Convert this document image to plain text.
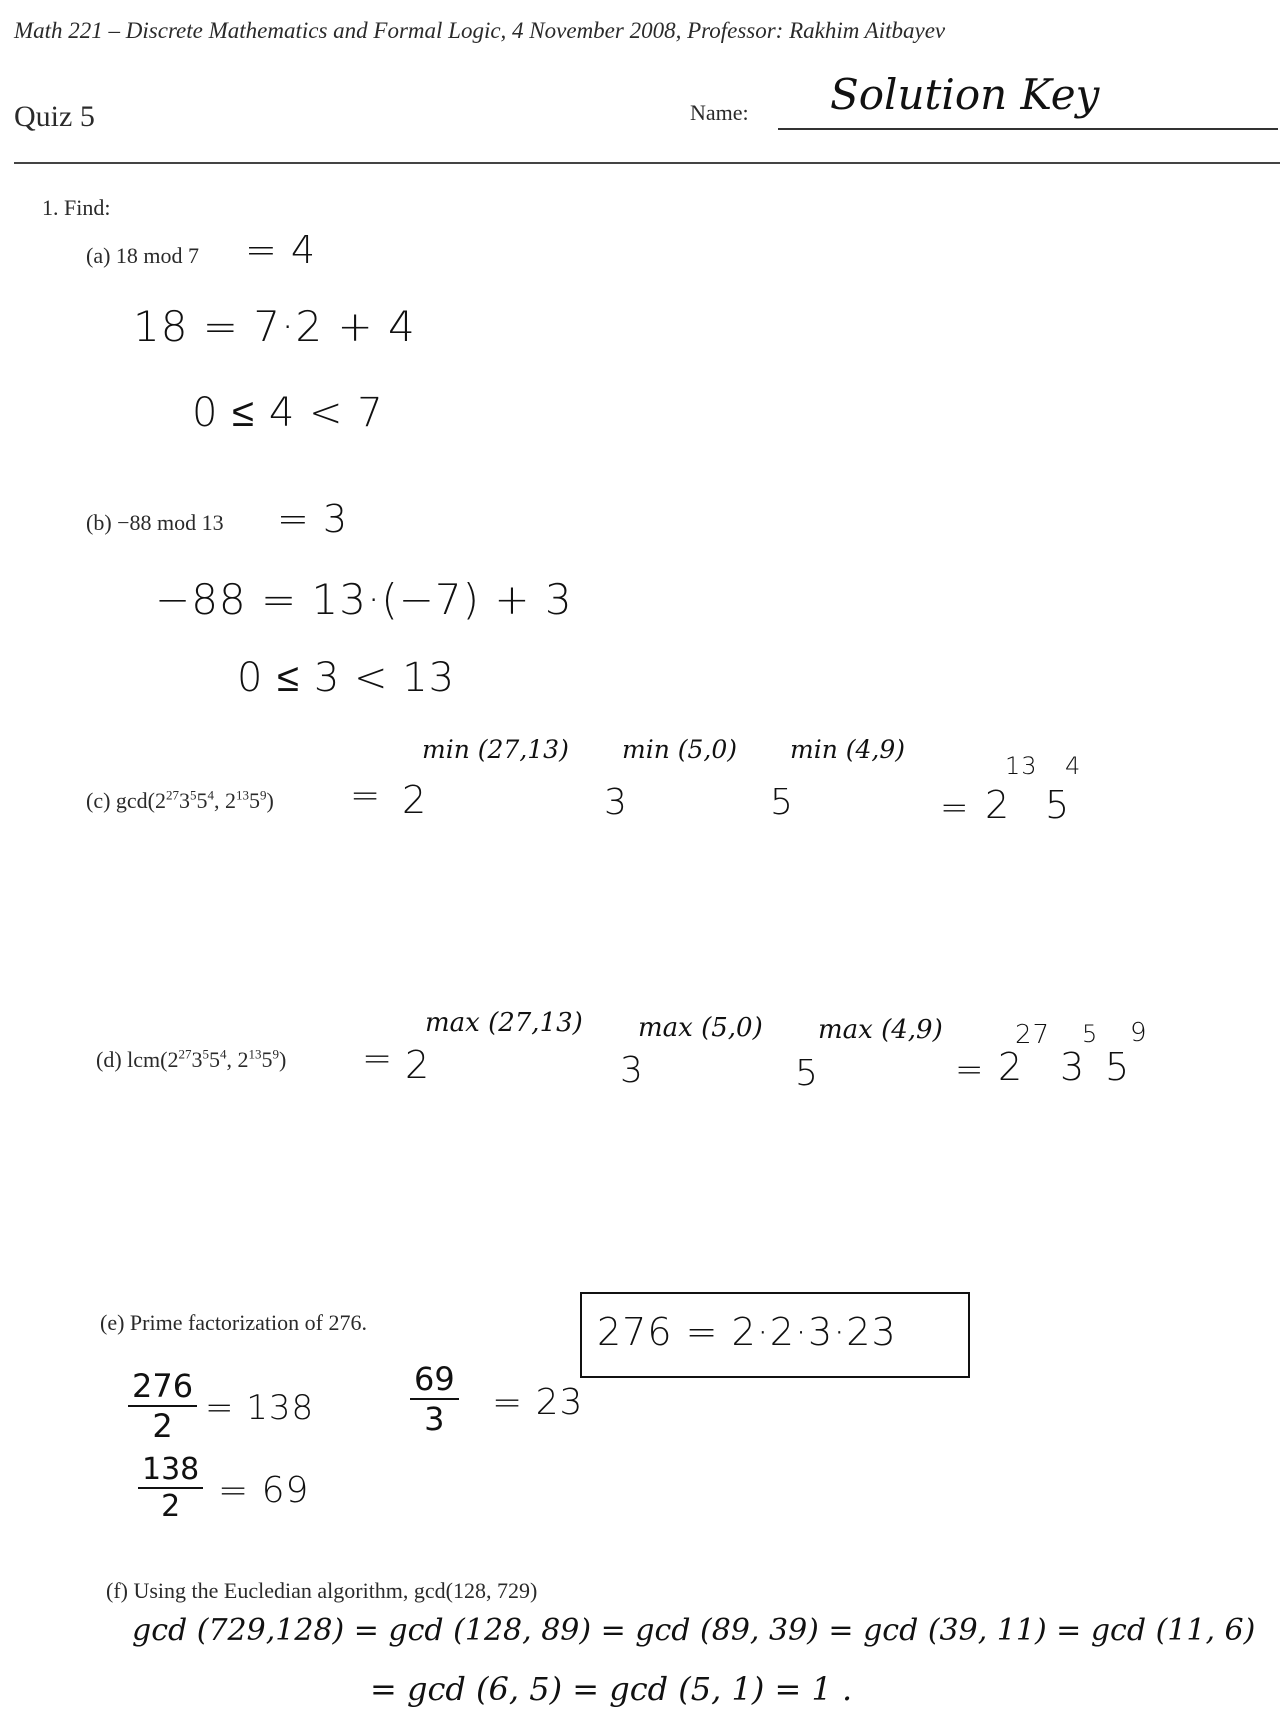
Math 221 – Discrete Mathematics and Formal Logic, 4 November 2008, Professor: Rakhim Aitbayev
Quiz 5	Name: Solution Key
1. Find:
(a) 18 mod 7 = 4
18 = 7·2 + 4
0 ≤ 4 < 7
(b) −88 mod 13 = 3
−88 = 13·(−7) + 3
0 ≤ 3 < 13
(c) $\gcd(2^{27}3^55^4$, $2^{13}5^9) = 2$
min (27,13)
3
min (5,0)
5
min (4,9)
= 2
13
5
4
(d) $lcm(2^{27}3^55^4$, $2^{13}5^9) = 2$
max (27,13)
3
max (5,0)
5
max (4,9)
= 2
27
3
5
5
9
(e) Prime factorization of 276.	276 = 2·2·3·23
$\frac{276}{2} = 138$
$\frac{138}{2} = 69$
$\frac{69}{3} = 23$
(f) Using the Eucledian algorithm, gcd(128, 729)
gcd (729,128) = gcd (128, 89) = gcd (89, 39) = gcd (39, 11) = gcd (11, 6)
= gcd (6, 5) = gcd (5, 1) = 1 .
